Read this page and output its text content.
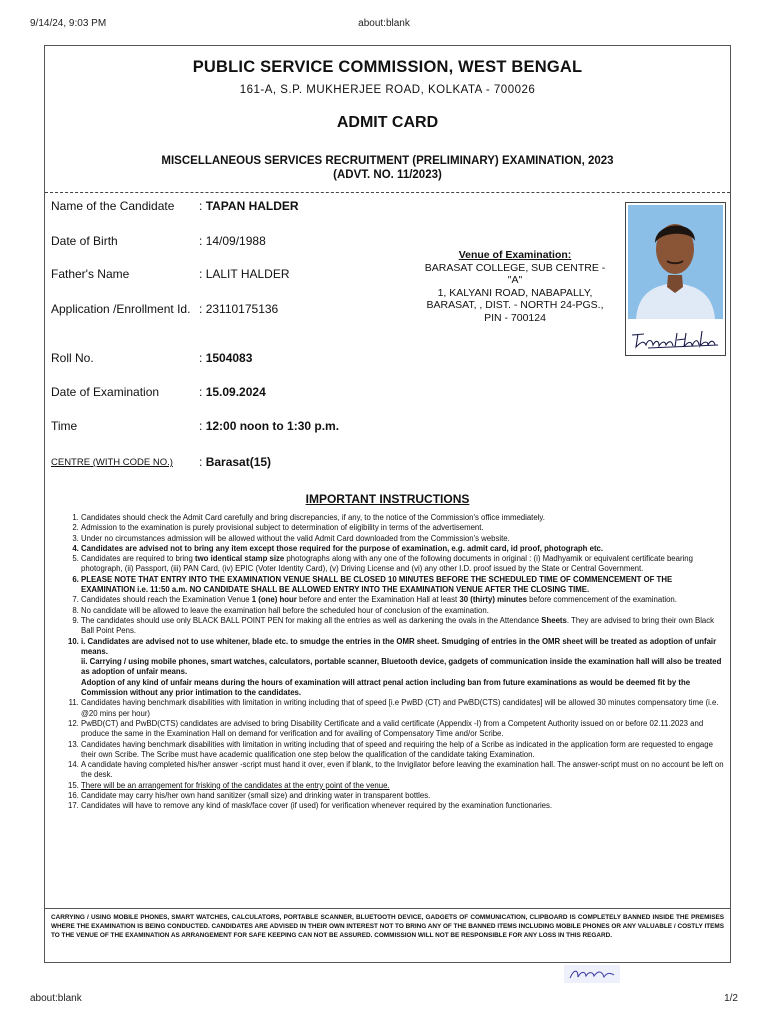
9/14/24, 9:03 PM	about:blank
PUBLIC SERVICE COMMISSION, WEST BENGAL
161-A, S.P. MUKHERJEE ROAD, KOLKATA - 700026
ADMIT CARD
MISCELLANEOUS SERVICES RECRUITMENT (PRELIMINARY) EXAMINATION, 2023
(ADVT. NO. 11/2023)
Name of the Candidate	: TAPAN HALDER
Date of Birth	: 14/09/1988
Father's Name	: LALIT HALDER
Application /Enrollment Id. : 23110175136
Roll No.	: 1504083
Date of Examination	: 15.09.2024
Time	: 12:00 noon to 1:30 p.m.
CENTRE (WITH CODE NO.)	: Barasat(15)
Venue of Examination:
BARASAT COLLEGE, SUB CENTRE -
"A"
1, KALYANI ROAD, NABAPALLY,
BARASAT, , DIST. - NORTH 24-PGS.,
PIN - 700124
IMPORTANT INSTRUCTIONS
1. Candidates should check the Admit Card carefully and bring discrepancies, if any, to the notice of the Commission's office immediately.
2. Admission to the examination is purely provisional subject to determination of eligibility in terms of the advertisement.
3. Under no circumstances admission will be allowed without the valid Admit Card downloaded from the Commission's website.
4. Candidates are advised not to bring any item except those required for the purpose of examination, e.g. admit card, id proof, photograph etc.
5. Candidates are required to bring two identical stamp size photographs along with any one of the following documents in original : (i) Madhyamik or equivalent certificate bearing photograph, (ii) Passport, (iii) PAN Card, (iv) EPIC (Voter Identity Card), (v) Driving License and (vi) any other I.D. proof issued by the State or Central Government.
6. PLEASE NOTE THAT ENTRY INTO THE EXAMINATION VENUE SHALL BE CLOSED 10 MINUTES BEFORE THE SCHEDULED TIME OF COMMENCEMENT OF THE EXAMINATION i.e. 11:50 a.m. NO CANDIDATE SHALL BE ALLOWED ENTRY INTO THE EXAMINATION VENUE AFTER THE CLOSING TIME.
7. Candidates should reach the Examination Venue 1 (one) hour before and enter the Examination Hall at least 30 (thirty) minutes before commencement of the examination.
8. No candidate will be allowed to leave the examination hall before the scheduled hour of conclusion of the examination.
9. The candidates should use only BLACK BALL POINT PEN for making all the entries as well as darkening the ovals in the Attendance Sheets. They are advised to bring their own Black Ball Point Pens.
10. i. Candidates are advised not to use whitener, blade etc. to smudge the entries in the OMR sheet. Smudging of entries in the OMR sheet will be treated as adoption of unfair means.
ii. Carrying / using mobile phones, smart watches, calculators, portable scanner, Bluetooth device, gadgets of communication inside the examination hall will also be treated as adoption of unfair means.
Adoption of any kind of unfair means during the hours of examination will attract penal action including ban from future examinations as would be deemed fit by the Commission without any prior intimation to the candidates.
11. Candidates having benchmark disabilities with limitation in writing including that of speed [i.e PwBD (CT) and PwBD(CTS) candidates] will be allowed 30 minutes compensatory time (i.e. @20 mins per hour)
12. PwBD(CT) and PwBD(CTS) candidates are advised to bring Disability Certificate and a valid certificate (Appendix -I) from a Competent Authority issued on or before 02.11.2023 and produce the same in the Examination Hall on demand for verification and for availing of Compensatory Time and/or Scribe.
13. Candidates having benchmark disabilities with limitation in writing including that of speed and requiring the help of a Scribe as indicated in the application form are requested to engage their own Scribe. The Scribe must have academic qualification one step below the qualification of the candidate taking Examination.
14. A candidate having completed his/her answer -script must hand it over, even if blank, to the Invigilator before leaving the examination hall. The answer-script must on no account be left on the desk.
15. There will be an arrangement for frisking of the candidates at the entry point of the venue.
16. Candidate may carry his/her own hand sanitizer (small size) and drinking water in transparent bottles.
17. Candidates will have to remove any kind of mask/face cover (if used) for verification whenever required by the examination functionaries.
CARRYING / USING MOBILE PHONES, SMART WATCHES, CALCULATORS, PORTABLE SCANNER, BLUETOOTH DEVICE, GADGETS OF COMMUNICATION, CLIPBOARD IS COMPLETELY BANNED INSIDE THE PREMISES WHERE THE EXAMINATION IS BEING CONDUCTED. CANDIDATES ARE ADVISED IN THEIR OWN INTEREST NOT TO BRING ANY OF THE BANNED ITEMS INCLUDING MOBILE PHONES OR ANY VALUABLE / COSTLY ITEMS TO THE VENUE OF THE EXAMINATION AS ARRANGEMENT FOR SAFE KEEPING CAN NOT BE ASSURED. COMMISSION WILL NOT BE RESPONSIBLE FOR ANY LOSS IN THIS REGARD.
about:blank	1/2
